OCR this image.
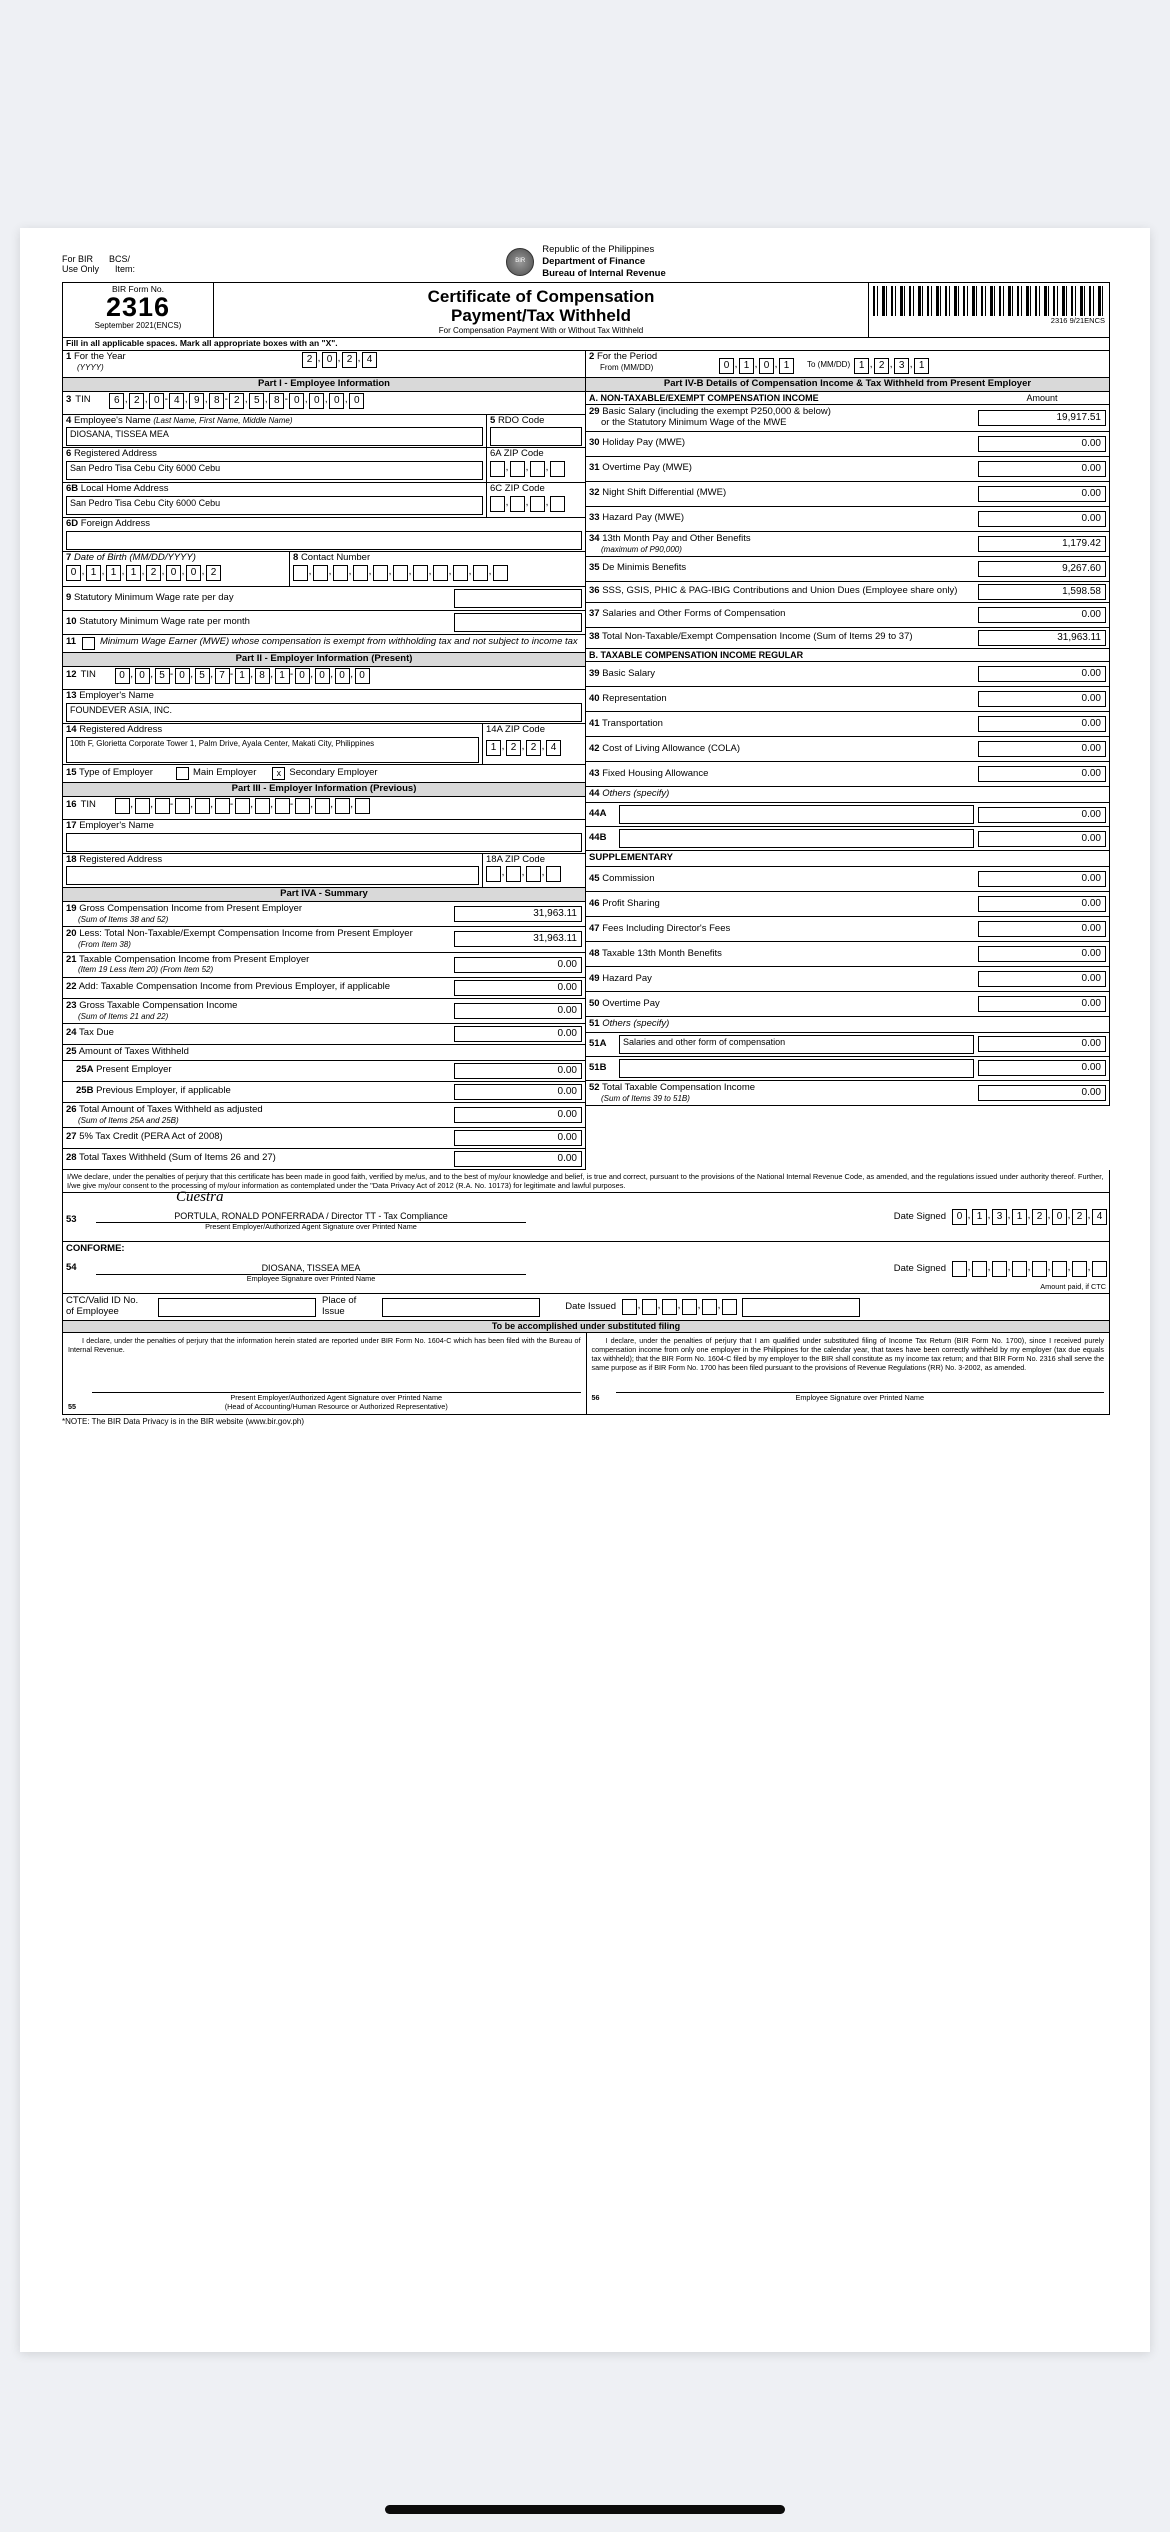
For BIR BCS/
Use Only Item:
BIR
Republic of the Philippines
Department of Finance
Bureau of Internal Revenue
BIR Form No.
2316
September 2021(ENCS)
Certificate of Compensation
Payment/Tax Withheld
For Compensation Payment With or Without Tax Withheld
2316 9/21ENCS
Fill in all applicable spaces. Mark all appropriate boxes with an "X".
1 For the Year
(YYYY)
2 , 0 , 2 , 4	2 For the Period
From (MM/DD)	0 , 1 , 0 , 1	To (MM/DD) 1 , 2 , 3 , 1
Part I - Employee Information	Part IV-B Details of Compensation Income & Tax Withheld from Present Employer
3 TIN	6 , 2 , 0 - 4 , 9 , 8 - 2 , 5 , 8 - 0 , 0 , 0 , 0
4 Employee's Name (Last Name, First Name, Middle Name)
DIOSANA, TISSEA MEA
5 RDO Code
6 Registered Address
San Pedro Tisa Cebu City 6000 Cebu
6A ZIP Code
, , ,
6B Local Home Address
San Pedro Tisa Cebu City 6000 Cebu
6C ZIP Code
, , ,
6D Foreign Address
7 Date of Birth (MM/DD/YYYY)
0 , 1 , 1 , 1 , 2 , 0 , 0 , 2
8 Contact Number
, , , , , , , , , ,
9 Statutory Minimum Wage rate per day
10 Statutory Minimum Wage rate per month
11	Minimum Wage Earner (MWE) whose compensation is exempt from withholding tax and not subject to income tax
Part II - Employer Information (Present)
12 TIN	0 , 0 , 5 - 0 , 5 , 7 - 1 , 8 , 1 - 0 , 0 , 0 , 0
13 Employer's Name
FOUNDEVER ASIA, INC.
14 Registered Address
10th F, Glorietta Corporate Tower 1, Palm Drive, Ayala Center, Makati City, Philippines
14A ZIP Code
1 , 2 , 2 , 4
15 Type of Employer	Main Employer	x Secondary Employer
Part III - Employer Information (Previous)
16 TIN	, , - , , - , , - , , ,
17 Employer's Name
18 Registered Address	18A ZIP Code
, , ,
Part IVA - Summary
19 Gross Compensation Income from Present Employer
(Sum of Items 38 and 52)
31,963.11
20 Less: Total Non-Taxable/Exempt Compensation Income from Present Employer
(From Item 38)
31,963.11
21 Taxable Compensation Income from Present Employer
(Item 19 Less Item 20) (From Item 52)
0.00
22 Add: Taxable Compensation Income from Previous Employer, if applicable	0.00
23 Gross Taxable Compensation Income
(Sum of Items 21 and 22)
0.00
24 Tax Due	0.00
25 Amount of Taxes Withheld
25A Present Employer	0.00
25B Previous Employer, if applicable	0.00
26 Total Amount of Taxes Withheld as adjusted
(Sum of Items 25A and 25B)
0.00
27 5% Tax Credit (PERA Act of 2008)	0.00
28 Total Taxes Withheld (Sum of Items 26 and 27)	0.00
A. NON-TAXABLE/EXEMPT COMPENSATION INCOME	Amount
29 Basic Salary (including the exempt P250,000 & below)
or the Statutory Minimum Wage of the MWE	19,917.51
30 Holiday Pay (MWE)	0.00
31 Overtime Pay (MWE)	0.00
32 Night Shift Differential (MWE)	0.00
33 Hazard Pay (MWE)	0.00
34 13th Month Pay and Other Benefits
(maximum of P90,000)
1,179.42
35 De Minimis Benefits	9,267.60
36 SSS, GSIS, PHIC & PAG-IBIG Contributions and Union Dues (Employee share only)	1,598.58
37 Salaries and Other Forms of Compensation	0.00
38 Total Non-Taxable/Exempt Compensation Income (Sum of Items 29 to 37)	31,963.11
B. TAXABLE COMPENSATION INCOME REGULAR
39 Basic Salary	0.00
40 Representation	0.00
41 Transportation	0.00
42 Cost of Living Allowance (COLA)	0.00
43 Fixed Housing Allowance	0.00
44 Others (specify)
44A	0.00
44B	0.00
SUPPLEMENTARY
45 Commission	0.00
46 Profit Sharing	0.00
47 Fees Including Director's Fees	0.00
48 Taxable 13th Month Benefits	0.00
49 Hazard Pay	0.00
50 Overtime Pay	0.00
51 Others (specify)
51A	Salaries and other form of compensation	0.00
51B	0.00
52 Total Taxable Compensation Income
(Sum of Items 39 to 51B)
0.00
I/We declare, under the penalties of perjury that this certificate has been made in good faith, verified by me/us, and to the best of my/our knowledge and belief, is true and correct, pursuant to the provisions of the National Internal Revenue Code, as amended, and the regulations issued under authority thereof. Further, I/we give my/our consent to the processing of my/our information as contemplated under the "Data Privacy Act of 2012 (R.A. No. 10173) for legitimate and lawful purposes.
53
Cuestra
PORTULA, RONALD PONFERRADA / Director TT - Tax Compliance
Present Employer/Authorized Agent Signature over Printed Name
Date Signed	0 , 1 , 3 , 1 , 2 , 0 , 2 , 4
CONFORME:
54	DIOSANA, TISSEA MEA
Employee Signature over Printed Name
Date Signed , , , , , , ,
Amount paid, if CTC
CTC/Valid ID No.
of Employee
Place of
Issue	Date Issued , , , , ,
To be accomplished under substituted filing
I declare, under the penalties of perjury that the information herein stated are reported under BIR Form No. 1604-C which has been filed with the Bureau of Internal Revenue.
55
Present Employer/Authorized Agent Signature over Printed Name
(Head of Accounting/Human Resource or Authorized Representative)
I declare, under the penalties of perjury that I am qualified under substituted filing of Income Tax Return (BIR Form No. 1700), since I received purely compensation income from only one employer in the Philippines for the calendar year, that taxes have been correctly withheld by my employer (tax due equals tax withheld); that the BIR Form No. 1604-C filed by my employer to the BIR shall constitute as my income tax return; and that BIR Form No. 2316 shall serve the same purpose as if BIR Form No. 1700 has been filed pursuant to the provisions of Revenue Regulations (RR) No. 3-2002, as amended.
56	Employee Signature over Printed Name
*NOTE: The BIR Data Privacy is in the BIR website (www.bir.gov.ph)
